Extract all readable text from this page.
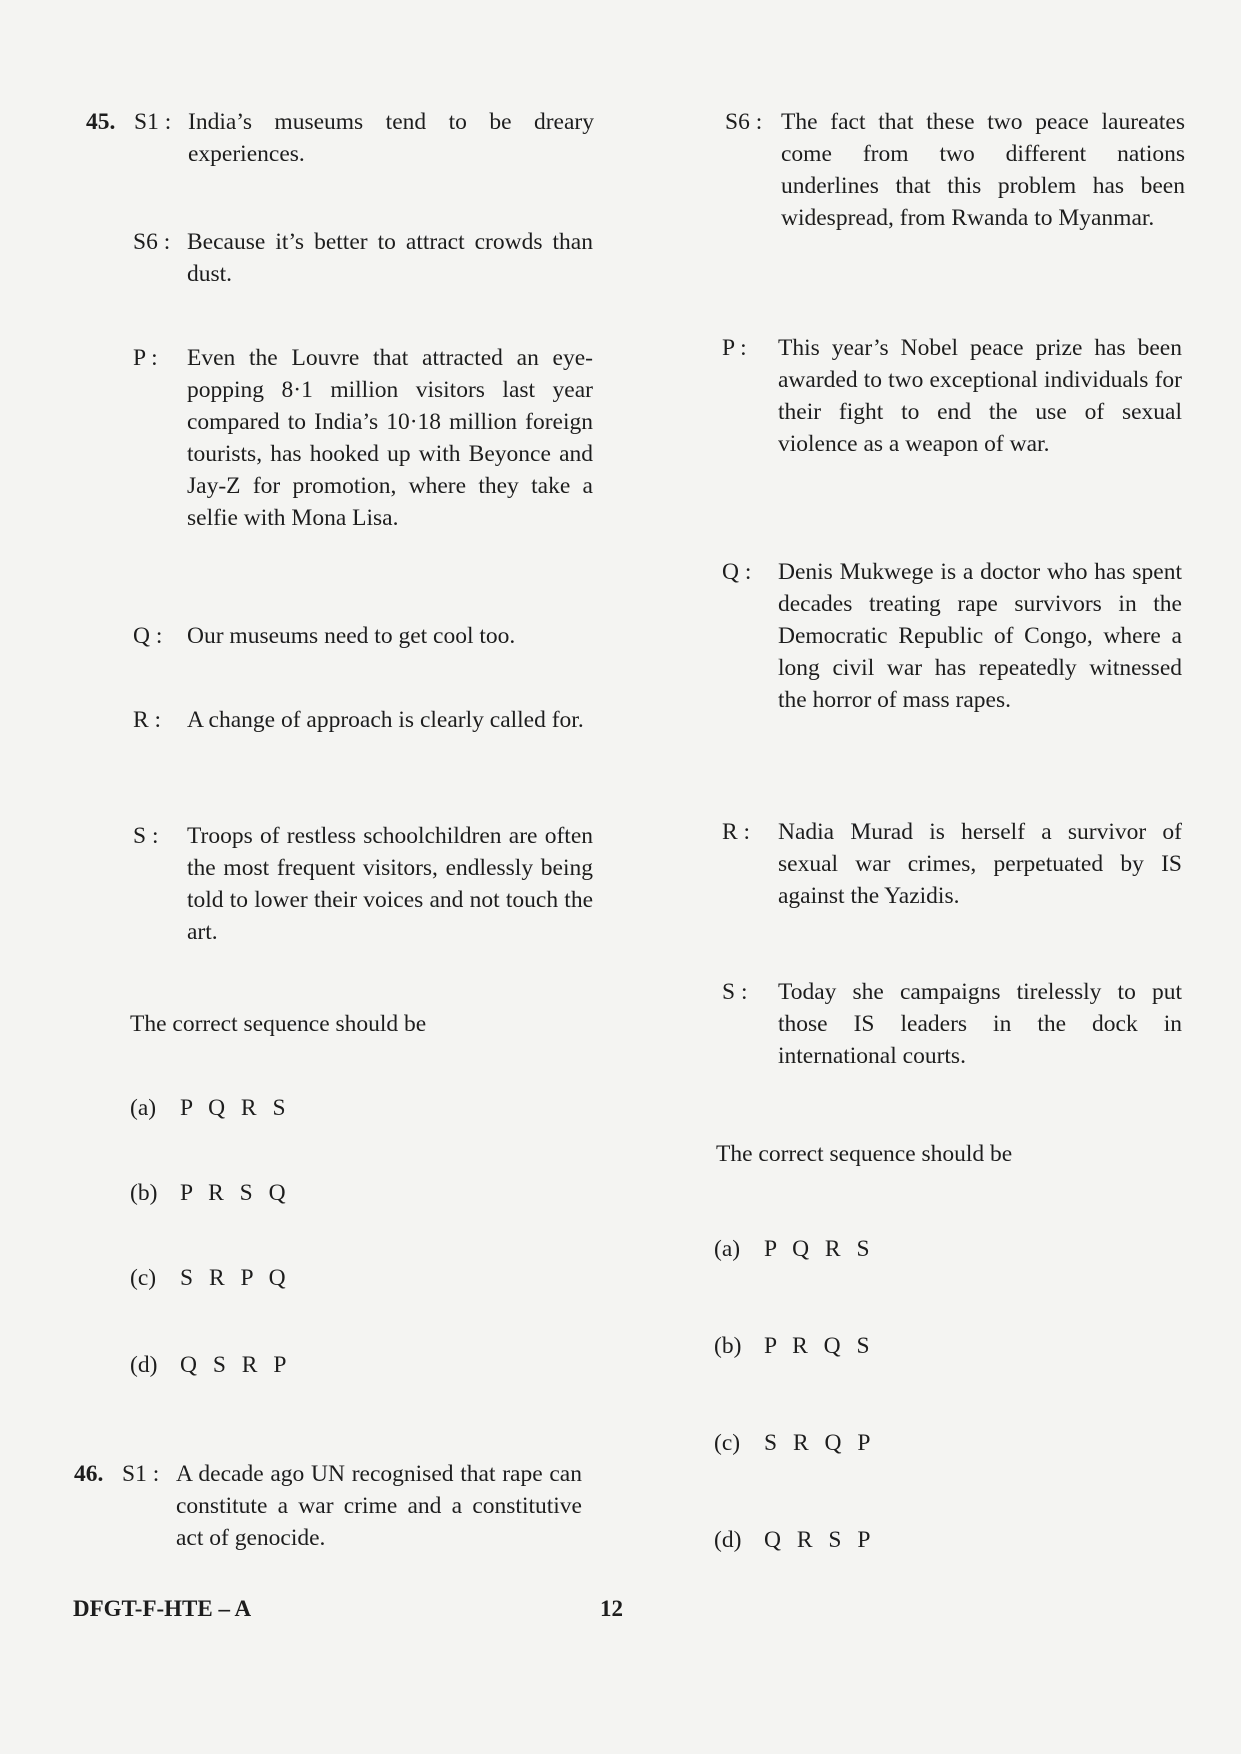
45. S1 : India’s museums tend to be dreary experiences.
S6 : Because it’s better to attract crowds than dust.
P :	Even the Louvre that attracted an eye-popping 8·1 million visitors last year compared to India’s 10·18 million foreign tourists, has hooked up with Beyonce and Jay-Z for promotion, where they take a selfie with Mona Lisa.
Q :	Our museums need to get cool too.
R :	A change of approach is clearly called for.
S :	Troops of restless schoolchildren are often the most frequent visitors, endlessly being told to lower their voices and not touch the art.
The correct sequence should be
(a)	P Q R S
(b) P R S Q
(c)	S R P Q
(d) Q S R P
46. S1 : A decade ago UN recognised that rape can constitute a war crime and a constitutive act of genocide.
S6 : The fact that these two peace laureates come from two different nations underlines that this problem has been widespread, from Rwanda to Myanmar.
P :	This year’s Nobel peace prize has been awarded to two exceptional individuals for their fight to end the use of sexual violence as a weapon of war.
Q :	Denis Mukwege is a doctor who has spent decades treating rape survivors in the Democratic Republic of Congo, where a long civil war has repeatedly witnessed the horror of mass rapes.
R :	Nadia Murad is herself a survivor of sexual war crimes, perpetuated by IS against the Yazidis.
S :	Today she campaigns tirelessly to put those IS leaders in the dock in international courts.
The correct sequence should be
(a)	P Q R S
(b) P R Q S
(c)	S R Q P
(d) Q R S P
DFGT-F-HTE – A	12
